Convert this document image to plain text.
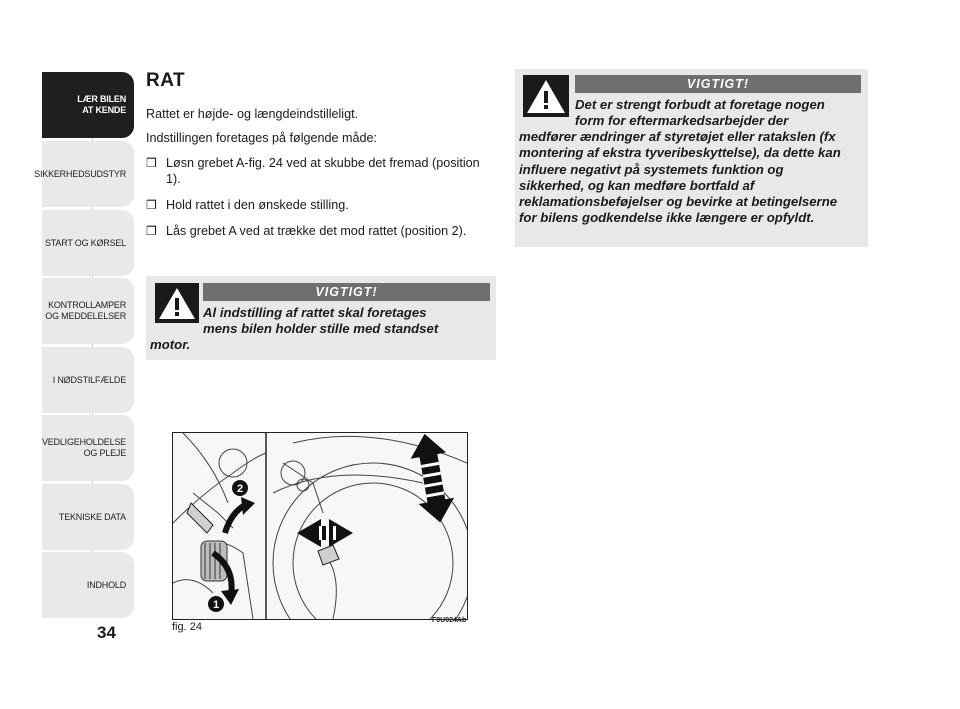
LÆR BILEN
AT KENDE
SIKKERHEDSUDSTYR
START OG KØRSEL
KONTROLLAMPER
OG MEDDELELSER
I NØDSTILFÆLDE
VEDLIGEHOLDELSE
OG PLEJE
TEKNISKE DATA
INDHOLD
34
RAT

Rattet er højde- og længdeindstilleligt.

Indstillingen foretages på følgende måde:

❒ Løsn grebet A-fig. 24 ved at skubbe det fremad (position 1).
❒ Hold rattet i den ønskede stilling.
❒ Lås grebet A ved at trække det mod rattet (position 2).
VIGTIGT!

Al indstilling af rattet skal foretages

mens bilen holder stille med standset

motor.

VIGTIGT!

Det er strengt forbudt at foretage nogen

form for eftermarkedsarbejder der

medfører ændringer af styretøjet eller ratakslen (fx montering af ekstra tyveribeskyttelse), da dette kan influere negativt på systemets funktion og sikkerhed, og kan medføre bortfald af reklamationsbeføjelser og bevirke at betingelserne for bilens godkendelse ikke længere er opfyldt.

2
1
fig. 24
F0U024Ab
